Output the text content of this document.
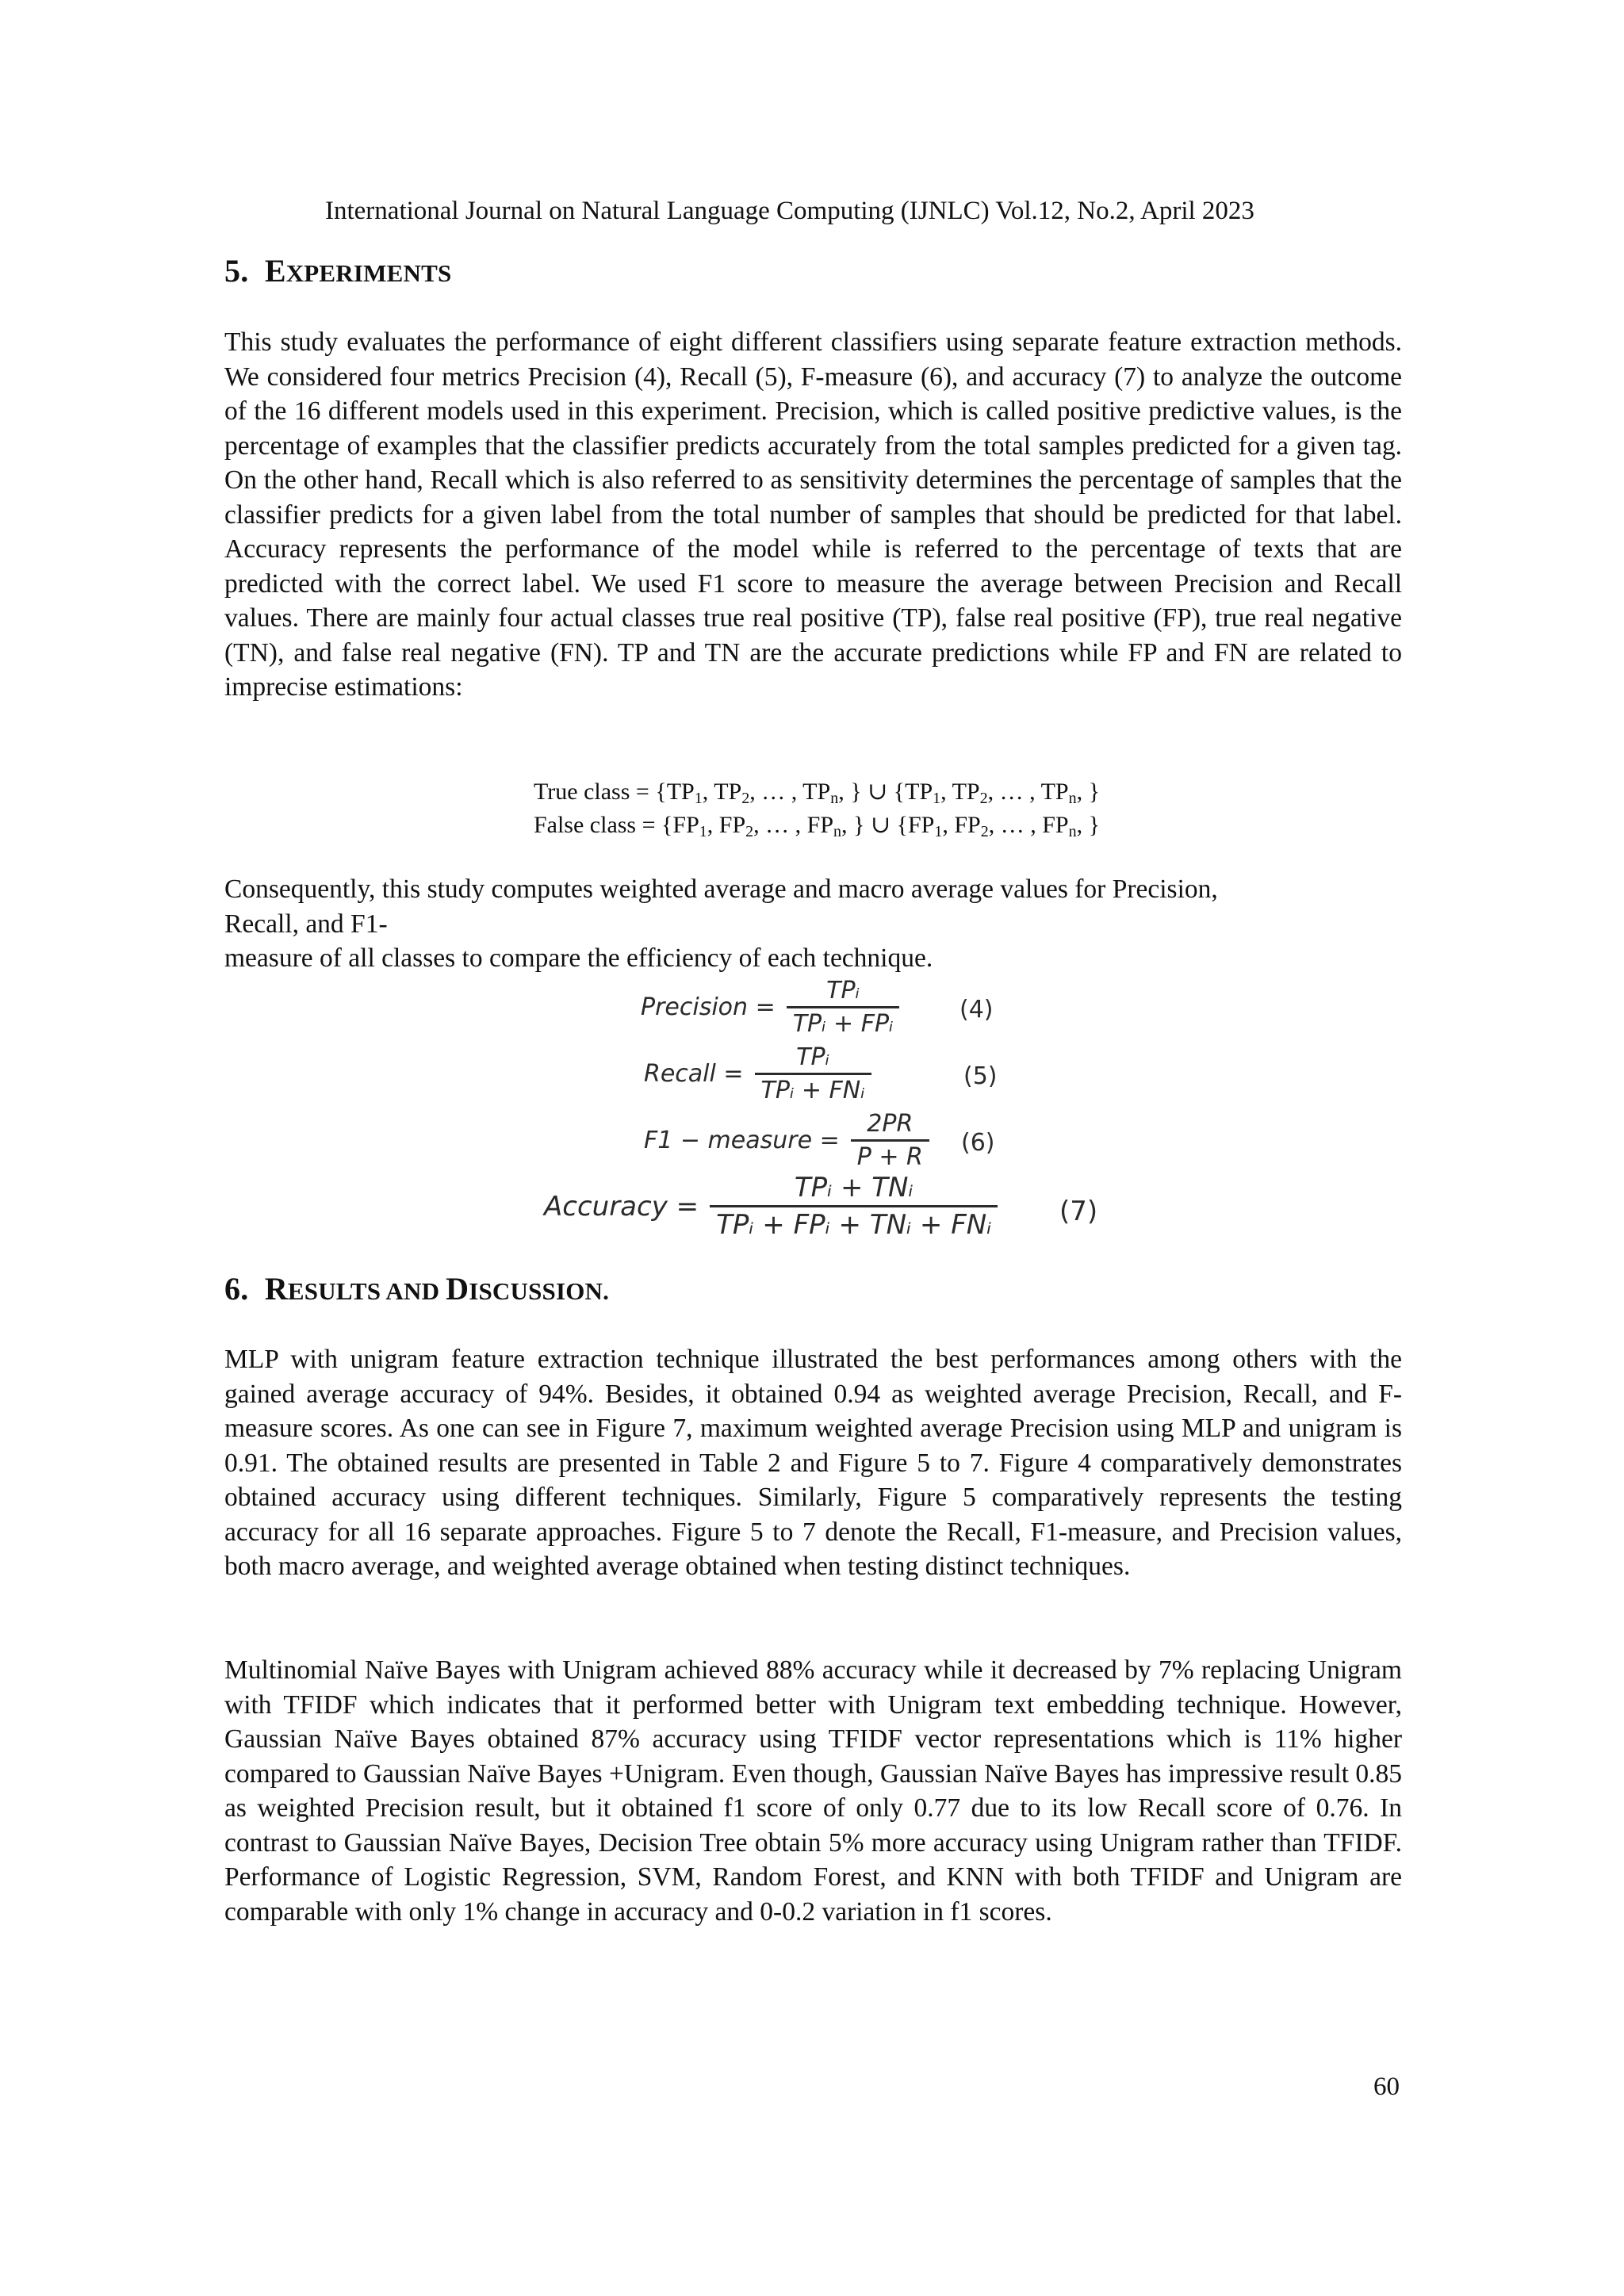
International Journal on Natural Language Computing (IJNLC) Vol.12, No.2, April 2023
5. EXPERIMENTS

This study evaluates the performance of eight different classifiers using separate feature extraction methods. We considered four metrics Precision (4), Recall (5), F-measure (6), and accuracy (7) to analyze the outcome of the 16 different models used in this experiment. Precision, which is called positive predictive values, is the percentage of examples that the classifier predicts accurately from the total samples predicted for a given tag. On the other hand, Recall which is also referred to as sensitivity determines the percentage of samples that the classifier predicts for a given label from the total number of samples that should be predicted for that label. Accuracy represents the performance of the model while is referred to the percentage of texts that are predicted with the correct label. We used F1 score to measure the average between Precision and Recall values. There are mainly four actual classes true real positive (TP), false real positive (FP), true real negative (TN), and false real negative (FN). TP and TN are the accurate predictions while FP and FN are related to imprecise estimations:

True class = {$TP_1$, $TP_2$, … , $TP_n$, } ∪ {$TP_1$, $TP_2$, … , $TP_n$, }
False class = {$FP_1$, $FP_2$, … , $FP_n$, } ∪ {$FP_1$, $FP_2$, … , $FP_n$, }

Consequently, this study computes weighted average and macro average values for Precision,

Recall, and F1-

measure of all classes to compare the efficiency of each technique.

Precision = $\frac{\text{TPᵢ}}{\text{TPᵢ + FPᵢ}}$	(4)
Recall = $\frac{\text{TPᵢ}}{\text{TPᵢ + FNᵢ}}$	(5)
F1 − measure = $\frac{2PR}{P + R} (6)$
Accuracy = $\frac{\text{TPᵢ + TNᵢ}}{\text{TPᵢ + FPᵢ + TNᵢ + FNᵢ}} (7)$
6. RESULTS AND DISCUSSION.

MLP with unigram feature extraction technique illustrated the best performances among others with the gained average accuracy of 94%. Besides, it obtained 0.94 as weighted average Precision, Recall, and F-measure scores. As one can see in Figure 7, maximum weighted average Precision using MLP and unigram is 0.91. The obtained results are presented in Table 2 and Figure 5 to 7. Figure 4 comparatively demonstrates obtained accuracy using different techniques. Similarly, Figure 5 comparatively represents the testing accuracy for all 16 separate approaches. Figure 5 to 7 denote the Recall, F1-measure, and Precision values, both macro average, and weighted average obtained when testing distinct techniques.

Multinomial Naïve Bayes with Unigram achieved 88% accuracy while it decreased by 7% replacing Unigram with TFIDF which indicates that it performed better with Unigram text embedding technique. However, Gaussian Naïve Bayes obtained 87% accuracy using TFIDF vector representations which is 11% higher compared to Gaussian Naïve Bayes +Unigram. Even though, Gaussian Naïve Bayes has impressive result 0.85 as weighted Precision result, but it obtained f1 score of only 0.77 due to its low Recall score of 0.76. In contrast to Gaussian Naïve Bayes, Decision Tree obtain 5% more accuracy using Unigram rather than TFIDF. Performance of Logistic Regression, SVM, Random Forest, and KNN with both TFIDF and Unigram are comparable with only 1% change in accuracy and 0-0.2 variation in f1 scores.

60
